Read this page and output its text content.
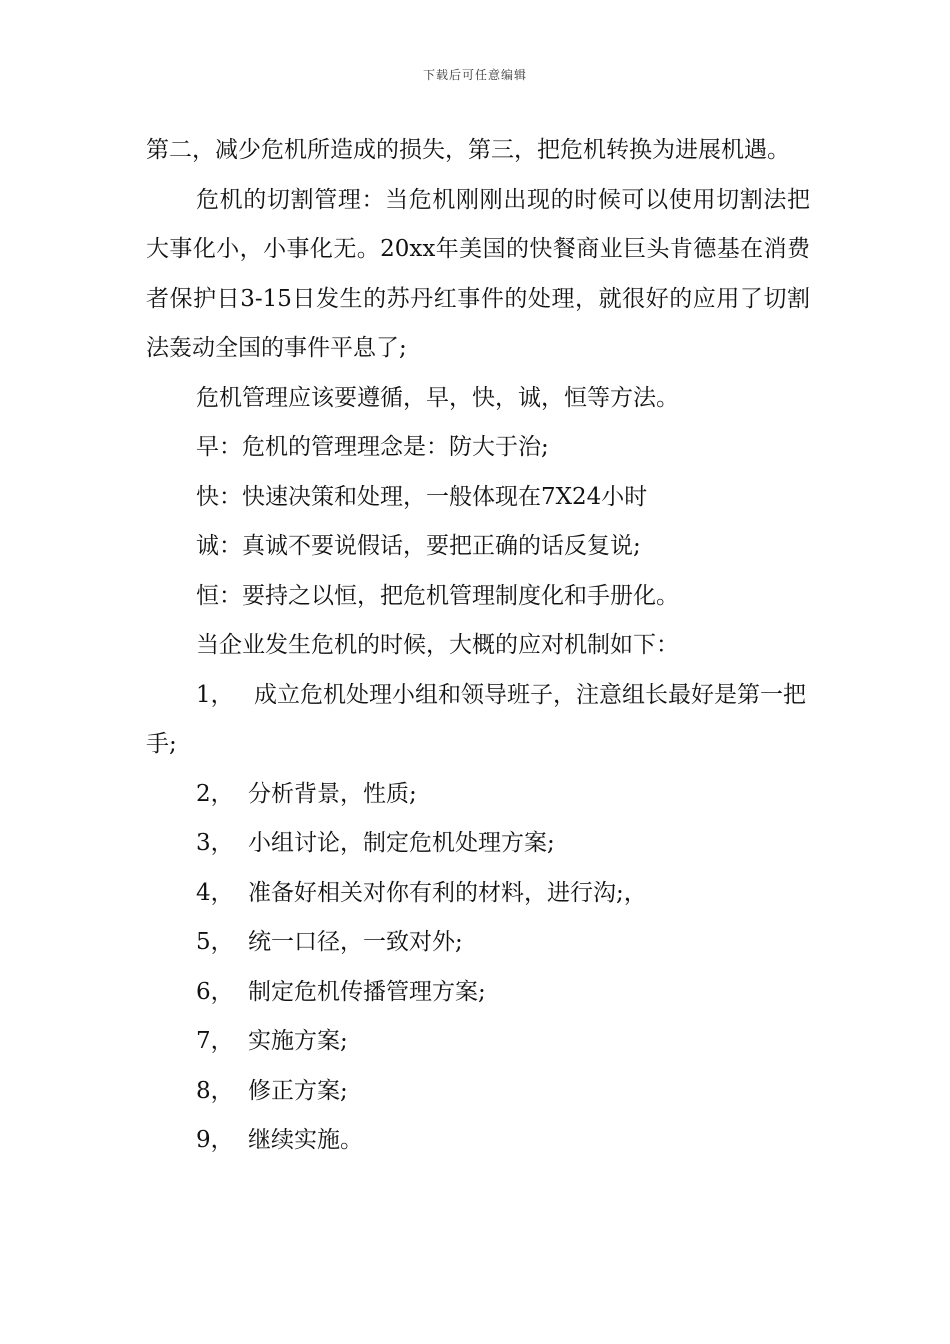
下载后可任意编辑

第二，减少危机所造成的损失，第三，把危机转换为进展机遇。

危机的切割管理：当危机刚刚出现的时候可以使用切割法把大事化小，小事化无。20xx年美国的快餐商业巨头肯德基在消费者保护日3-15日发生的苏丹红事件的处理，就很好的应用了切割法轰动全国的事件平息了;

危机管理应该要遵循，早，快，诚，恒等方法。

早：危机的管理理念是：防大于治;

快：快速决策和处理，一般体现在7X24小时

诚：真诚不要说假话，要把正确的话反复说;

恒：要持之以恒，把危机管理制度化和手册化。

当企业发生危机的时候，大概的应对机制如下：

1， 成立危机处理小组和领导班子，注意组长最好是第一把手;

2， 分析背景，性质;

3， 小组讨论，制定危机处理方案;

4， 准备好相关对你有利的材料，进行沟;，

5， 统一口径，一致对外;

6， 制定危机传播管理方案;

7， 实施方案;

8， 修正方案;

9， 继续实施。
